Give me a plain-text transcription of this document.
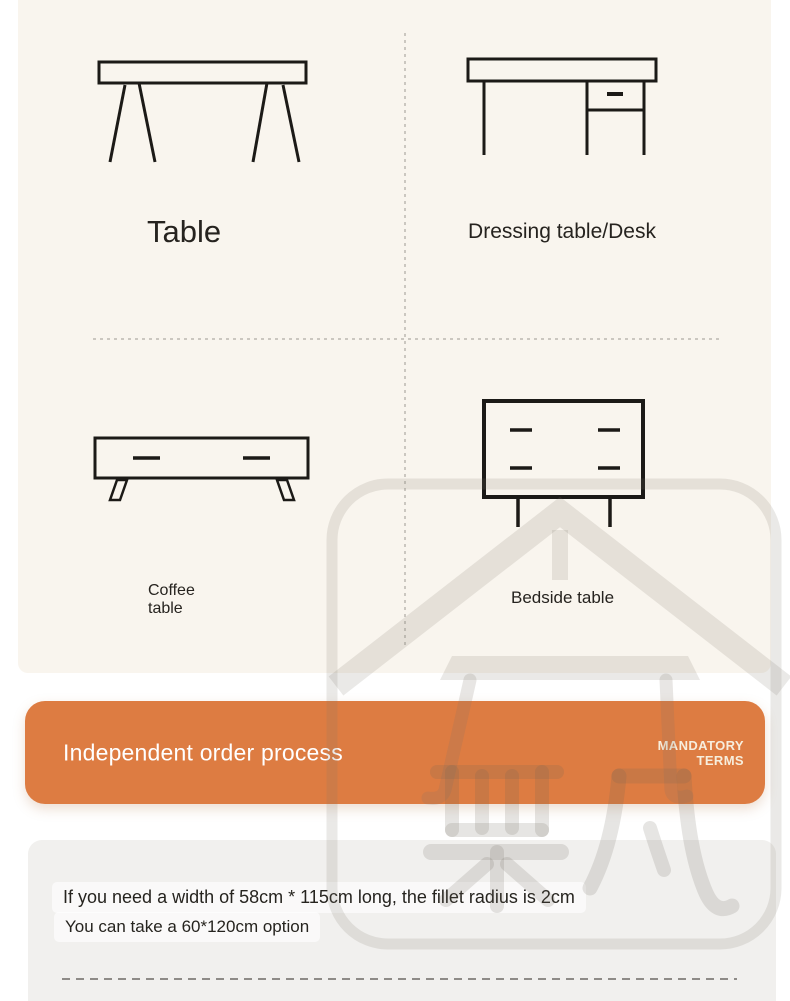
Table	Dressing table/Desk
Coffee
table
Bedside table
Independent order process	MANDATORY
TERMS
If you need a width of 58cm * 115cm long, the fillet radius is 2cm
You can take a 60*120cm option
